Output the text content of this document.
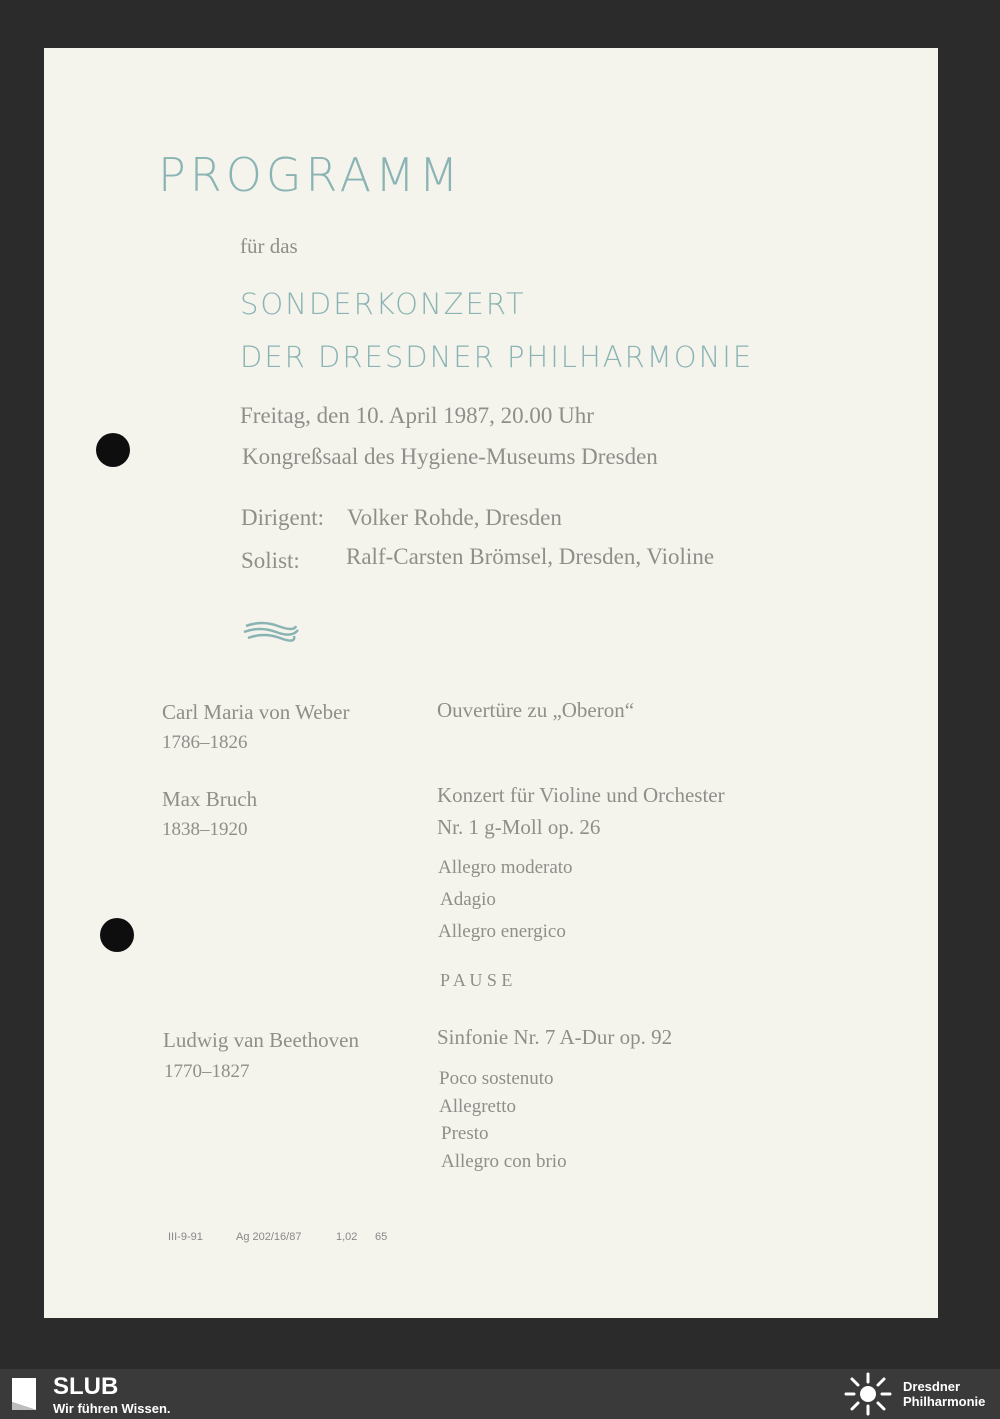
PROGRAMM
für das
SONDERKONZERT
DER DRESDNER PHILHARMONIE
Freitag, den 10. April 1987, 20.00 Uhr
Kongreßsaal des Hygiene-Museums Dresden
Dirigent: Volker Rohde, Dresden
Solist: Ralf-Carsten Brömsel, Dresden, Violine
Carl Maria von Weber
1786–1826
Ouvertüre zu „Oberon“
Max Bruch
1838–1920
Konzert für Violine und Orchester
Nr. 1 g-Moll op. 26
Allegro moderato
Adagio
Allegro energico
P A U S E
Ludwig van Beethoven
1770–1827
Sinfonie Nr. 7 A-Dur op. 92
Poco sostenuto
Allegretto
Presto
Allegro con brio
III-9-91	Ag 202/16/87	1,02 65
SLUB
Wir führen Wissen.
Dresdner
Philharmonie
